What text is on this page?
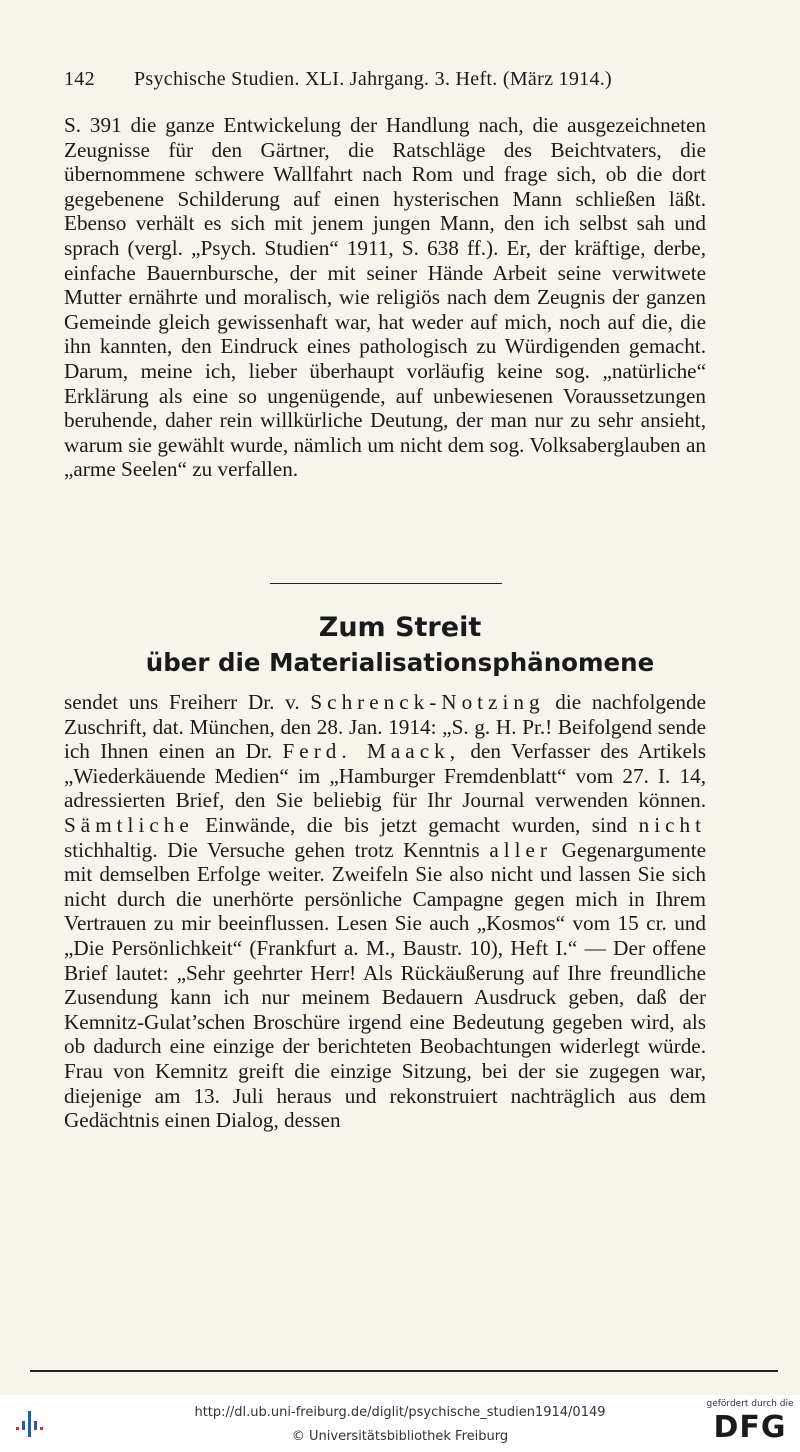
142 Psychische Studien. XLI. Jahrgang. 3. Heft. (März 1914.)
S. 391 die ganze Entwickelung der Handlung nach, die ausgezeichneten Zeugnisse für den Gärtner, die Ratschläge des Beichtvaters, die übernommene schwere Wallfahrt nach Rom und frage sich, ob die dort gegebenene Schilderung auf einen hysterischen Mann schließen läßt. Ebenso verhält es sich mit jenem jungen Mann, den ich selbst sah und sprach (vergl. „Psych. Studien“ 1911, S. 638 ff.). Er, der kräftige, derbe, einfache Bauernbursche, der mit seiner Hände Arbeit seine verwitwete Mutter ernährte und moralisch, wie religiös nach dem Zeugnis der ganzen Gemeinde gleich gewissenhaft war, hat weder auf mich, noch auf die, die ihn kannten, den Eindruck eines pathologisch zu Würdigenden gemacht. Darum, meine ich, lieber überhaupt vorläufig keine sog. „natürliche“ Erklärung als eine so ungenügende, auf unbewiesenen Voraussetzungen beruhende, daher rein willkürliche Deutung, der man nur zu sehr ansieht, warum sie gewählt wurde, nämlich um nicht dem sog. Volksaberglauben an „arme Seelen“ zu verfallen.
Zum Streit
über die Materialisationsphänomene
sendet uns Freiherr Dr. v. Schrenck-Notzing die nachfolgende Zuschrift, dat. München, den 28. Jan. 1914: „S. g. H. Pr.! Beifolgend sende ich Ihnen einen an Dr. Ferd. Maack, den Verfasser des Artikels „Wiederkäuende Medien“ im „Hamburger Fremdenblatt“ vom 27. I. 14, adressierten Brief, den Sie beliebig für Ihr Journal verwenden können. Sämtliche Einwände, die bis jetzt gemacht wurden, sind nicht stichhaltig. Die Versuche gehen trotz Kenntnis aller Gegenargumente mit demselben Erfolge weiter. Zweifeln Sie also nicht und lassen Sie sich nicht durch die unerhörte persönliche Campagne gegen mich in Ihrem Vertrauen zu mir beeinflussen. Lesen Sie auch „Kosmos“ vom 15 cr. und „Die Persönlichkeit“ (Frankfurt a. M., Baustr. 10), Heft I.“ — Der offene Brief lautet: „Sehr geehrter Herr! Als Rückäußerung auf Ihre freundliche Zusendung kann ich nur meinem Bedauern Ausdruck geben, daß der Kemnitz-Gulat’schen Broschüre irgend eine Bedeutung gegeben wird, als ob dadurch eine einzige der berichteten Beobachtungen widerlegt würde. Frau von Kemnitz greift die einzige Sitzung, bei der sie zugegen war, diejenige am 13. Juli heraus und rekonstruiert nachträglich aus dem Gedächtnis einen Dialog, dessen
http://dl.ub.uni-freiburg.de/diglit/psychische_studien1914/0149
© Universitätsbibliothek Freiburg
gefördert durch die
DFG
